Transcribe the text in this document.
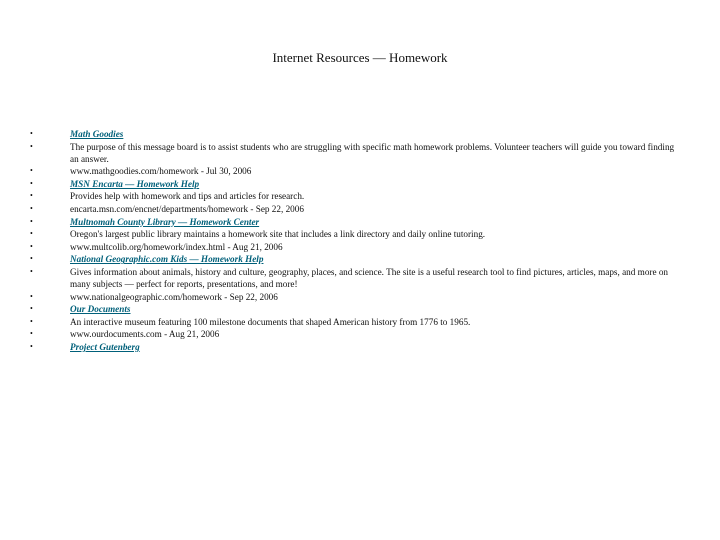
Internet Resources — Homework
•	Math Goodies
•	The purpose of this message board is to assist students who are struggling with specific math homework problems. Volunteer teachers will guide you toward finding an answer.
•	www.mathgoodies.com/homework - Jul 30, 2006
•	MSN Encarta — Homework Help
•	Provides help with homework and tips and articles for research.
•	encarta.msn.com/encnet/departments/homework - Sep 22, 2006
•	Multnomah County Library — Homework Center
•	Oregon's largest public library maintains a homework site that includes a link directory and daily online tutoring.
•	www.multcolib.org/homework/index.html - Aug 21, 2006
•	National Geographic.com Kids — Homework Help
•	Gives information about animals, history and culture, geography, places, and science. The site is a useful research tool to find pictures, articles, maps, and more on many subjects — perfect for reports, presentations, and more!
•	www.nationalgeographic.com/homework - Sep 22, 2006
•	Our Documents
•	An interactive museum featuring 100 milestone documents that shaped American history from 1776 to 1965.
•	www.ourdocuments.com - Aug 21, 2006
•	Project Gutenberg
